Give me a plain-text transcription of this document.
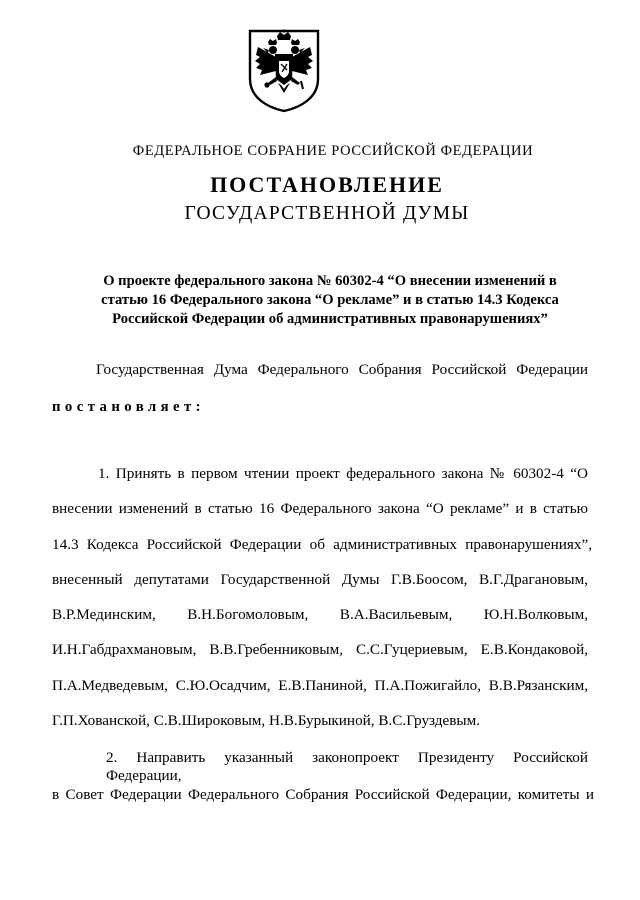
ФЕДЕРАЛЬНОЕ СОБРАНИЕ РОССИЙСКОЙ ФЕДЕРАЦИИ
ПОСТАНОВЛЕНИЕ
ГОСУДАРСТВЕННОЙ ДУМЫ
О проекте федерального закона № 60302-4 “О внесении изменений в
статью 16 Федерального закона “О рекламе” и в статью 14.3 Кодекса
Российской Федерации об административных правонарушениях”
Государственная Дума Федерального Собрания Российской Федерации
постановляет:
1. Принять в первом чтении проект федерального закона № 60302-4 “О
внесении изменений в статью 16 Федерального закона “О рекламе” и в статью
14.3 Кодекса Российской Федерации об административных правонарушениях”,
внесенный депутатами Государственной Думы Г.В.Боосом, В.Г.Драгановым,
В.Р.Мединским, В.Н.Богомоловым, В.А.Васильевым, Ю.Н.Волковым,
И.Н.Габдрахмановым, В.В.Гребенниковым, С.С.Гуцериевым, Е.В.Кондаковой,
П.А.Медведевым, С.Ю.Осадчим, Е.В.Паниной, П.А.Пожигайло, В.В.Рязанским,
Г.П.Хованской, С.В.Широковым, Н.В.Бурыкиной, В.С.Груздевым.
2. Направить указанный законопроект Президенту Российской Федерации,
в Совет Федерации Федерального Собрания Российской Федерации, комитеты и
